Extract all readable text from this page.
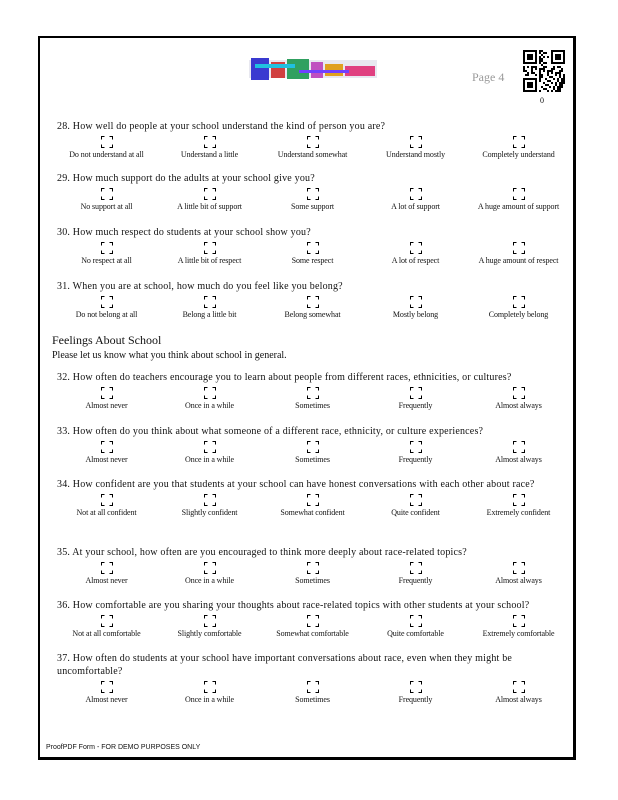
Page 4
0
28. How well do people at your school understand the kind of person you are?
Do not understand at all	Understand a little	Understand somewhat	Understand mostly	Completely understand
29. How much support do the adults at your school give you?
No support at all	A little bit of support	Some support	A lot of support	A huge amount of support
30. How much respect do students at your school show you?
No respect at all	A little bit of respect	Some respect	A lot of respect	A huge amount of respect
31. When you are at school, how much do you feel like you belong?
Do not belong at all	Belong a little bit	Belong somewhat	Mostly belong	Completely belong
32. How often do teachers encourage you to learn about people from different races, ethnicities, or cultures?
Almost never	Once in a while	Sometimes	Frequently	Almost always
33. How often do you think about what someone of a different race, ethnicity, or culture experiences?
Almost never	Once in a while	Sometimes	Frequently	Almost always
34. How confident are you that students at your school can have honest conversations with each other about race?
Not at all confident	Slightly confident	Somewhat confident	Quite confident	Extremely confident
35. At your school, how often are you encouraged to think more deeply about race-related topics?
Almost never	Once in a while	Sometimes	Frequently	Almost always
36. How comfortable are you sharing your thoughts about race-related topics with other students at your school?
Not at all comfortable	Slightly comfortable	Somewhat comfortable	Quite comfortable	Extremely comfortable
37. How often do students at your school have important conversations about race, even when they might be uncomfortable?
Almost never	Once in a while	Sometimes	Frequently	Almost always
Feelings About School
Please let us know what you think about school in general.
ProofPDF Form - FOR DEMO PURPOSES ONLY
